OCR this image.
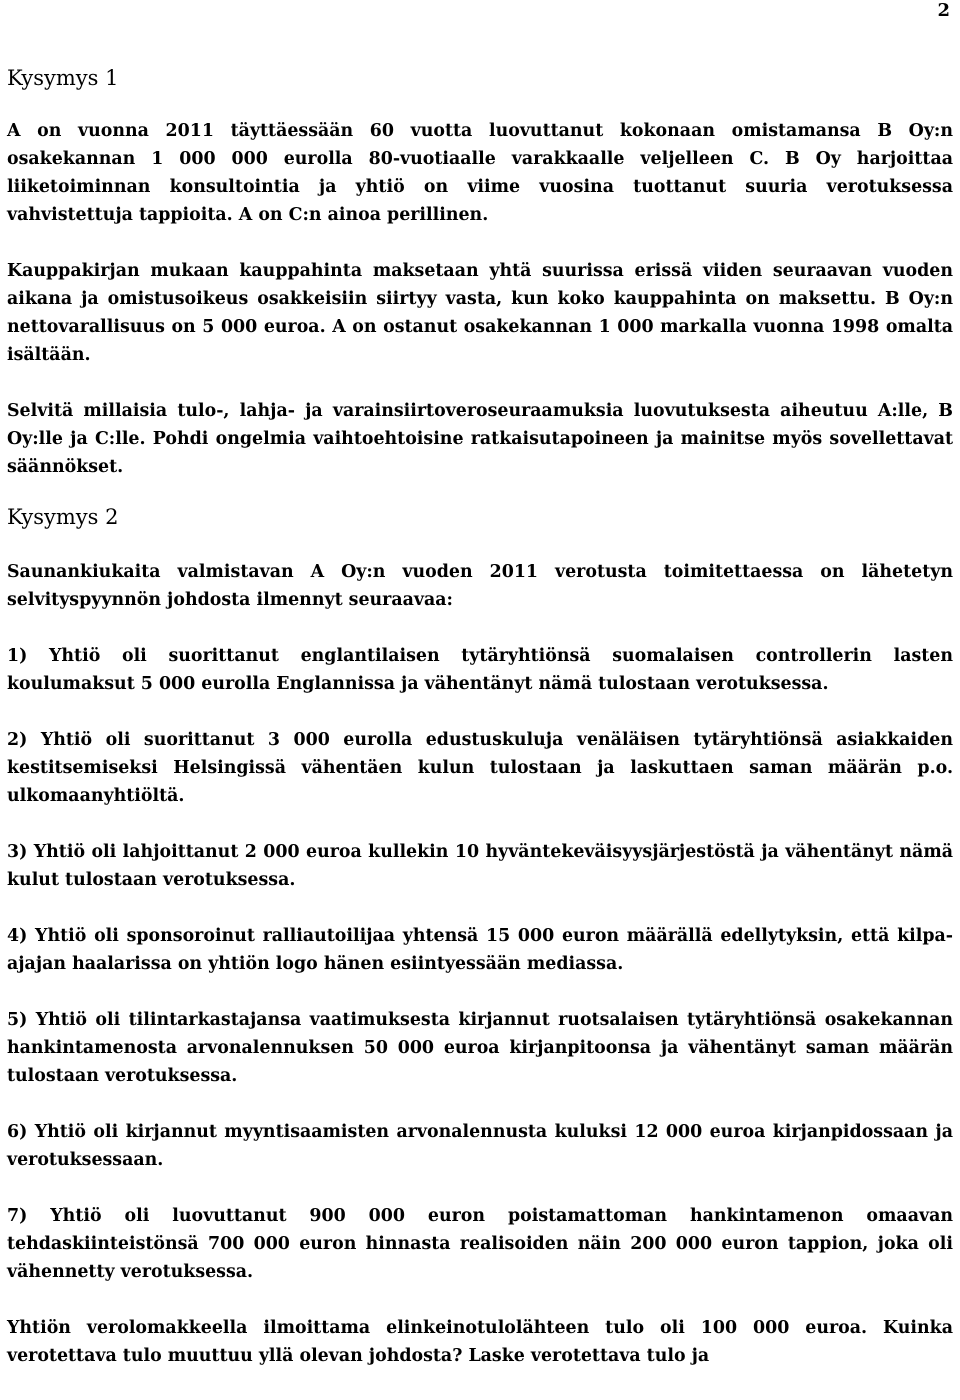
2

Kysymys 1

A on vuonna 2011 täyttäessään 60 vuotta luovuttanut kokonaan omistamansa B Oy:n osakekannan 1 000 000 eurolla 80-vuotiaalle varakkaalle veljelleen C. B Oy harjoittaa liiketoiminnan konsultointia ja yhtiö on viime vuosina tuottanut suuria verotuksessa vahvistettuja tappioita. A on C:n ainoa perillinen.

Kauppakirjan mukaan kauppahinta maksetaan yhtä suurissa erissä viiden seuraavan vuoden aikana ja omistusoikeus osakkeisiin siirtyy vasta, kun koko kauppahinta on maksettu. B Oy:n nettovarallisuus on 5 000 euroa. A on ostanut osakekannan 1 000 markalla vuonna 1998 omalta isältään.

Selvitä millaisia tulo-, lahja- ja varainsiirtoveroseuraamuksia luovutuksesta aiheutuu A:lle, B Oy:lle ja C:lle. Pohdi ongelmia vaihtoehtoisine ratkaisutapoineen ja mainitse myös sovellettavat säännökset.

Kysymys 2

Saunankiukaita valmistavan A Oy:n vuoden 2011 verotusta toimitettaessa on lähetetyn selvityspyynnön johdosta ilmennyt seuraavaa:

1) Yhtiö oli suorittanut englantilaisen tytäryhtiönsä suomalaisen controllerin lasten koulumaksut 5 000 eurolla Englannissa ja vähentänyt nämä tulostaan verotuksessa.

2) Yhtiö oli suorittanut 3 000 eurolla edustuskuluja venäläisen tytäryhtiönsä asiakkaiden kestitsemiseksi Helsingissä vähentäen kulun tulostaan ja laskuttaen saman määrän p.o. ulkomaanyhtiöltä.

3) Yhtiö oli lahjoittanut 2 000 euroa kullekin 10 hyväntekeväisyysjärjestöstä ja vähentänyt nämä kulut tulostaan verotuksessa.

4) Yhtiö oli sponsoroinut ralliautoilijaa yhtensä 15 000 euron määrällä edellytyksin, että kilpa-ajajan haalarissa on yhtiön logo hänen esiintyessään mediassa.

5) Yhtiö oli tilintarkastajansa vaatimuksesta kirjannut ruotsalaisen tytäryhtiönsä osakekannan hankintamenosta arvonalennuksen 50 000 euroa kirjanpitoonsa ja vähentänyt saman määrän tulostaan verotuksessa.

6) Yhtiö oli kirjannut myyntisaamisten arvonalennusta kuluksi 12 000 euroa kirjanpidossaan ja verotuksessaan.

7) Yhtiö oli luovuttanut 900 000 euron poistamattoman hankintamenon omaavan tehdaskiinteistönsä 700 000 euron hinnasta realisoiden näin 200 000 euron tappion, joka oli vähennetty verotuksessa.

Yhtiön verolomakkeella ilmoittama elinkeinotulolähteen tulo oli 100 000 euroa. Kuinka verotettava tulo muuttuu yllä olevan johdosta? Laske verotettava tulo ja
